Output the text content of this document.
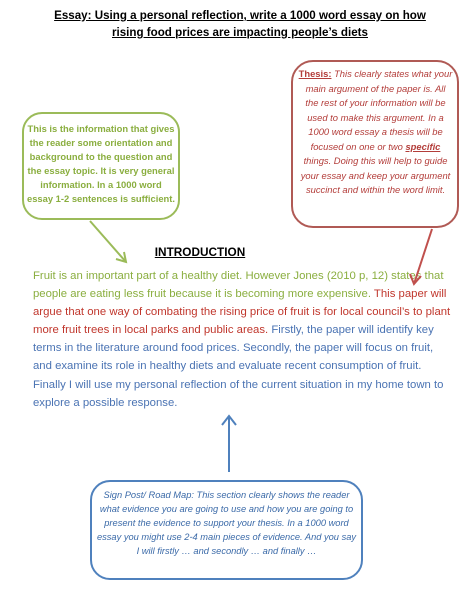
Essay: Using a personal reflection, write a 1000 word essay on how rising food prices are impacting people’s diets
This is the information that gives the reader some orientation and background to the question and the essay topic. It is very general information. In a 1000 word essay 1-2 sentences is sufficient.
Thesis: This clearly states what your main argument of the paper is. All the rest of your information will be used to make this argument. In a 1000 word essay a thesis will be focused on one or two specific things. Doing this will help to guide your essay and keep your argument succinct and within the word limit.
INTRODUCTION
Fruit is an important part of a healthy diet. However Jones (2010 p, 12) states that people are eating less fruit because it is becoming more expensive. This paper will argue that one way of combating the rising price of fruit is for local council’s to plant more fruit trees in local parks and public areas. Firstly, the paper will identify key terms in the literature around food prices. Secondly, the paper will focus on fruit, and examine its role in healthy diets and evaluate recent consumption of fruit. Finally I will use my personal reflection of the current situation in my home town to explore a possible response.
Sign Post/ Road Map: This section clearly shows the reader what evidence you are going to use and how you are going to present the evidence to support your thesis. In a 1000 word essay you might use 2-4 main pieces of evidence. And you say I will firstly … and secondly … and finally …
